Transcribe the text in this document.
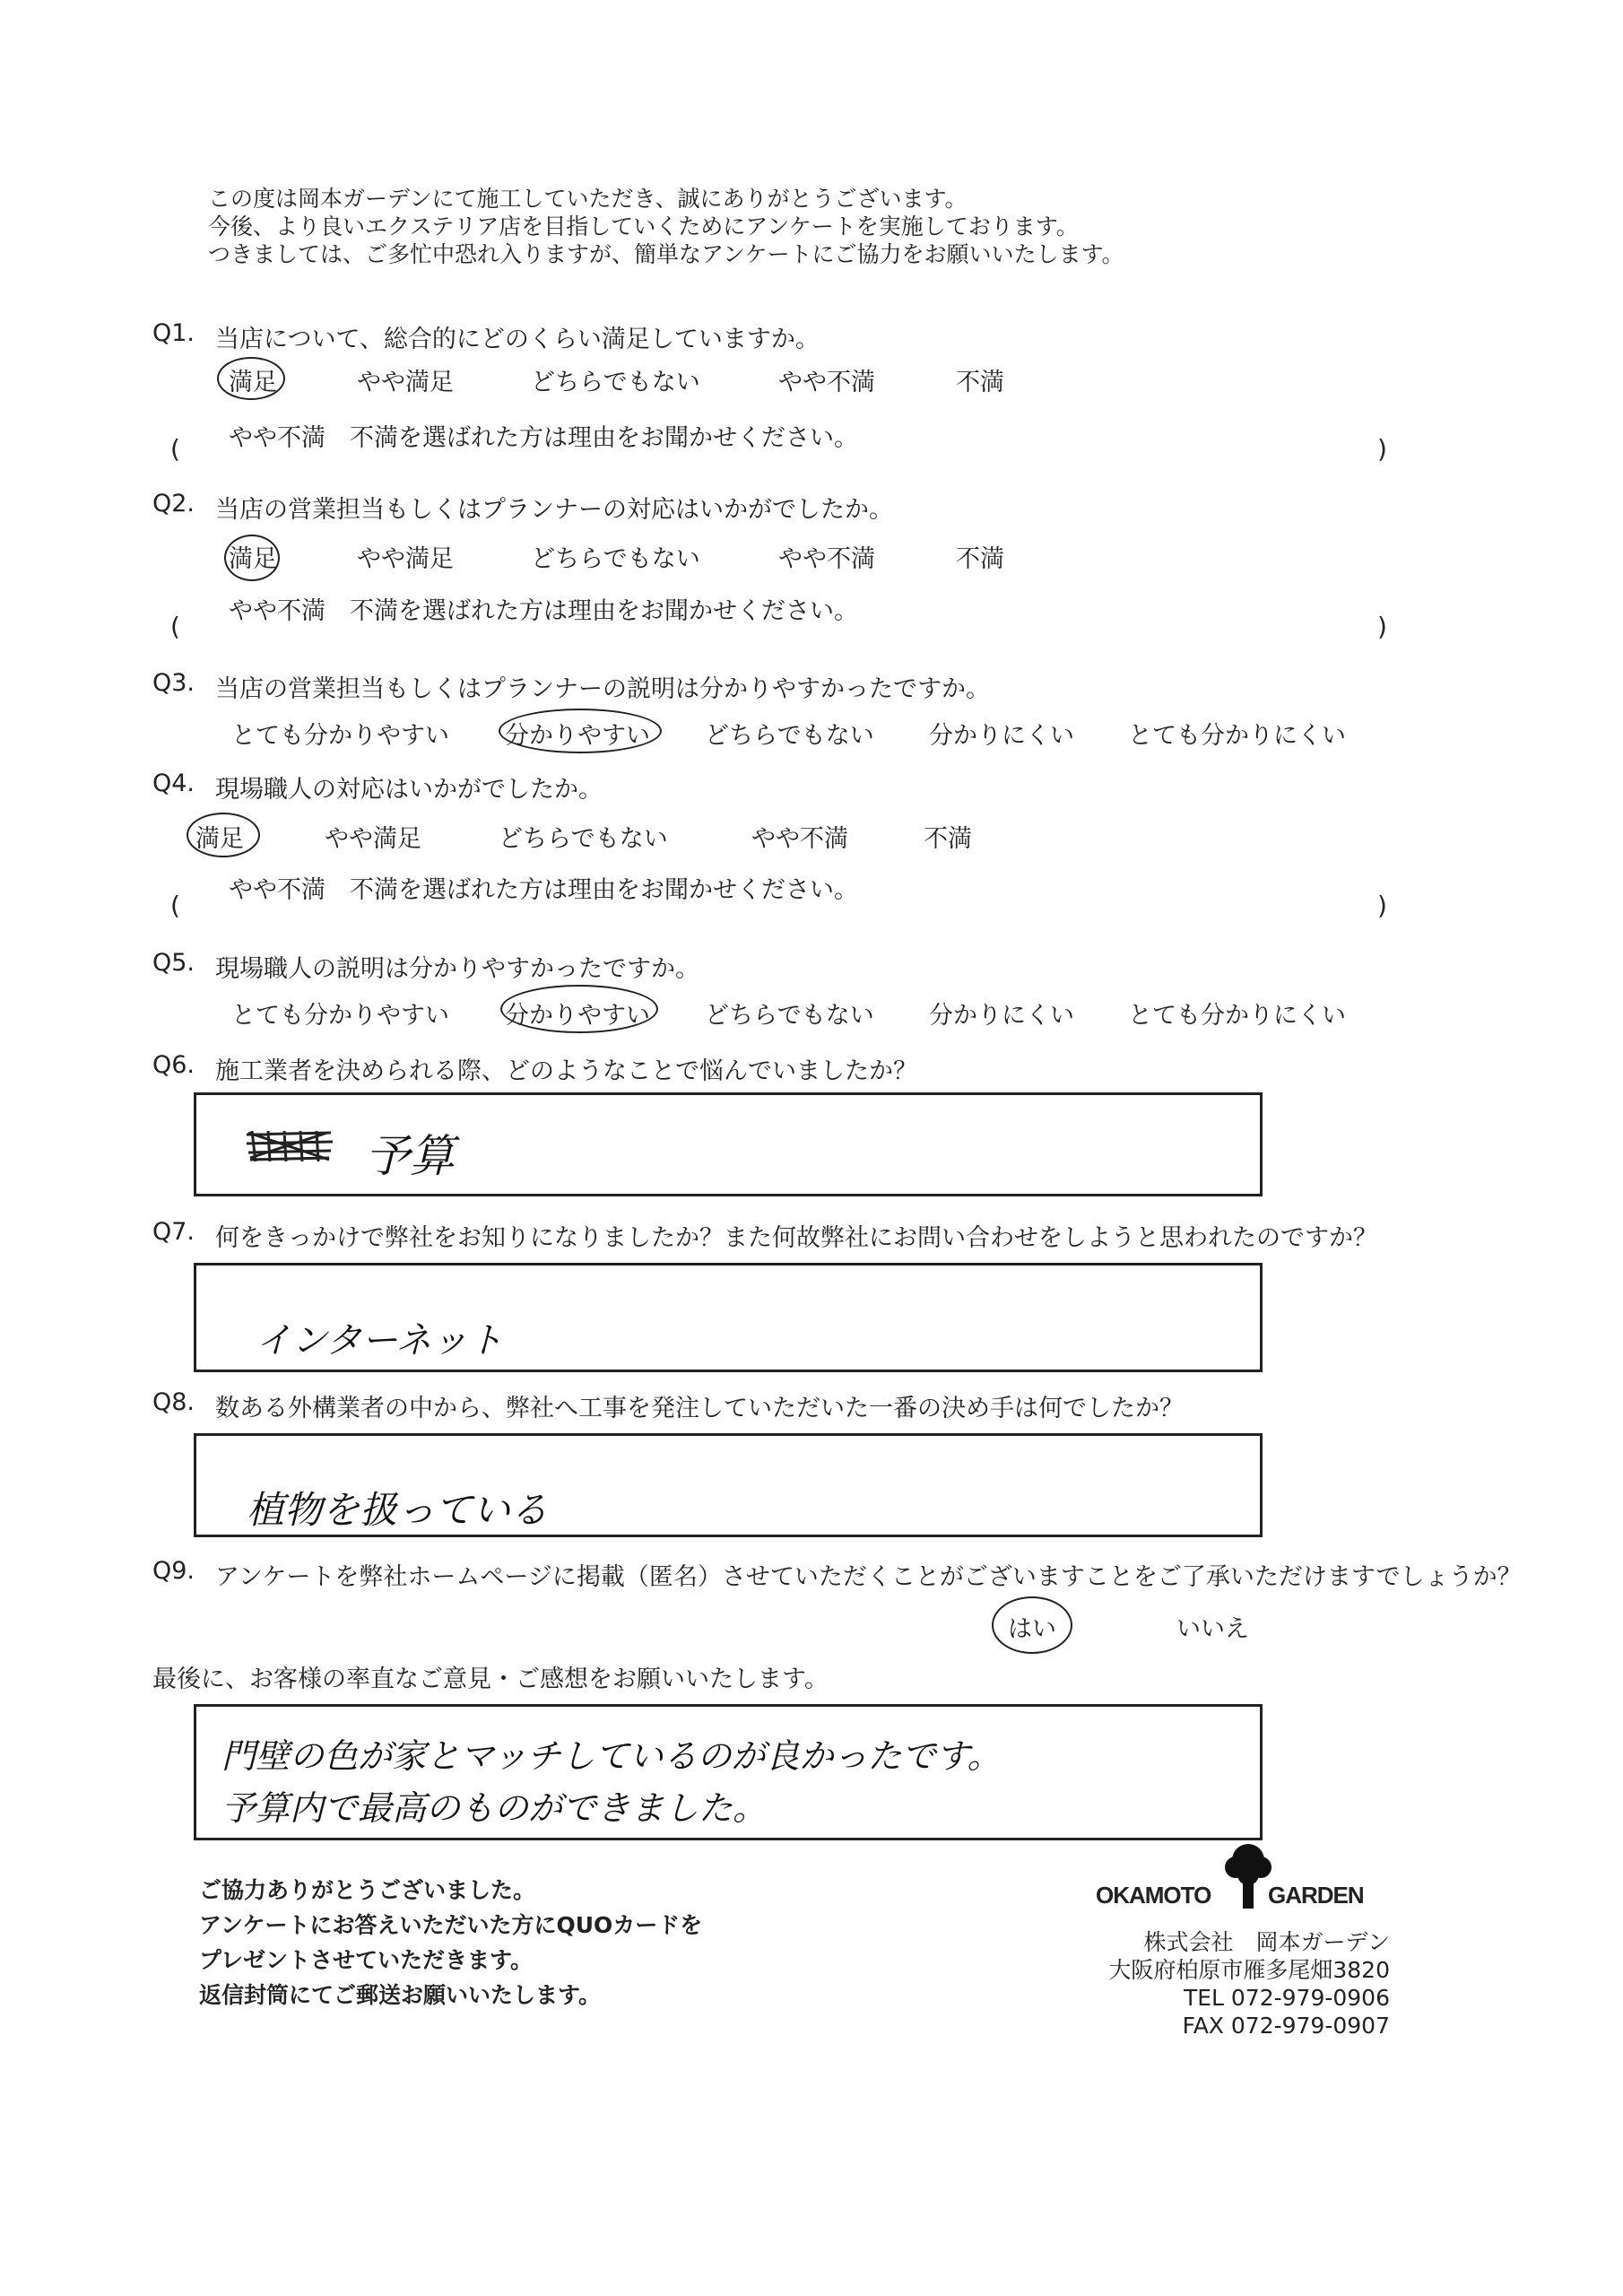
この度は岡本ガーデンにて施工していただき、誠にありがとうございます。
今後、より良いエクステリア店を目指していくためにアンケートを実施しております。
つきましては、ご多忙中恐れ入りますが、簡単なアンケートにご協力をお願いいたします。
Q1. 当店について、総合的にどのくらい満足していますか。
満足	やや満足	どちらでもない	やや不満	不満
やや不満　不満を選ばれた方は理由をお聞かせください。
(	)
Q2. 当店の営業担当もしくはプランナーの対応はいかがでしたか。
満足	やや満足	どちらでもない	やや不満	不満
やや不満　不満を選ばれた方は理由をお聞かせください。
(	)
Q3. 当店の営業担当もしくはプランナーの説明は分かりやすかったですか。
とても分かりやすい 分かりやすい どちらでもない 分かりにくい とても分かりにくい
Q4. 現場職人の対応はいかがでしたか。
満足	やや満足	どちらでもない	やや不満	不満
やや不満　不満を選ばれた方は理由をお聞かせください。
(	)
Q5. 現場職人の説明は分かりやすかったですか。
とても分かりやすい 分かりやすい どちらでもない 分かりにくい とても分かりにくい
Q6. 施工業者を決められる際、どのようなことで悩んでいましたか？
予算
Q7. 何をきっかけで弊社をお知りになりましたか？また何故弊社にお問い合わせをしようと思われたのですか？
インターネット
Q8. 数ある外構業者の中から、弊社へ工事を発注していただいた一番の決め手は何でしたか？
植物を扱っている
Q9. アンケートを弊社ホームページに掲載（匿名）させていただくことがございますことをご了承いただけますでしょうか？
はい	いいえ
最後に、お客様の率直なご意見・ご感想をお願いいたします。
門壁の色が家とマッチしているのが良かったです。
予算内で最高のものができました。
ご協力ありがとうございました。
アンケートにお答えいただいた方にQUOカードを
プレゼントさせていただきます。
返信封筒にてご郵送お願いいたします。
OKAMOTO GARDEN
株式会社　岡本ガーデン
大阪府柏原市雁多尾畑3820
TEL 072-979-0906
FAX 072-979-0907
